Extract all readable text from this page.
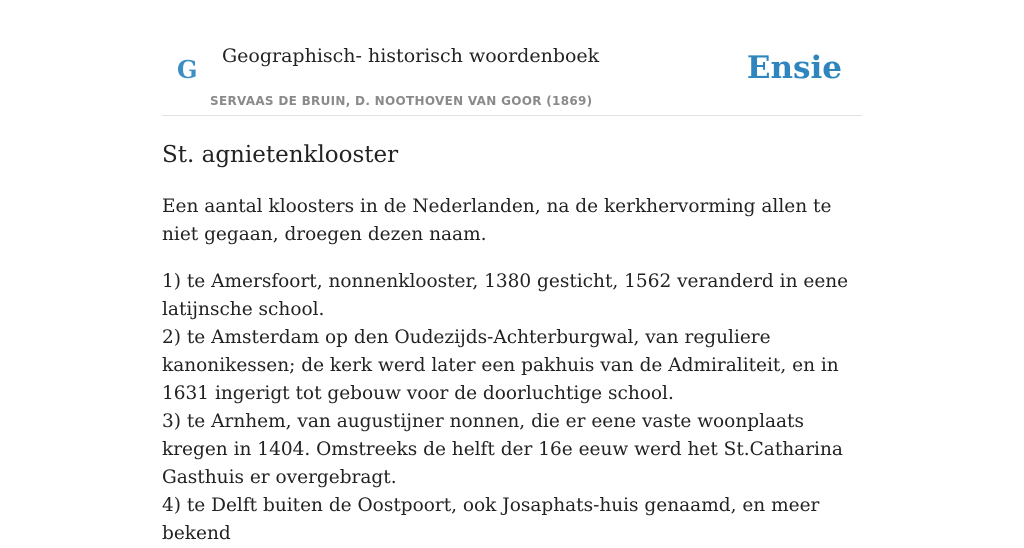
G Geographisch- historisch woordenboek
SERVAAS DE BRUIN, D. NOOTHOVEN VAN GOOR (1869)
Ensie
St. agnietenklooster

Een aantal kloosters in de Nederlanden, na de kerkhervorming allen te niet gegaan, droegen dezen naam.

1) te Amersfoort, nonnenklooster, 1380 gesticht, 1562 veranderd in eene latijnsche school.
2) te Amsterdam op den Oudezijds-Achterburgwal, van reguliere kanonikessen; de kerk werd later een pakhuis van de Admiraliteit, en in 1631 ingerigt tot gebouw voor de doorluchtige school.
3) te Arnhem, van augustijner nonnen, die er eene vaste woonplaats kregen in 1404. Omstreeks de helft der 16e eeuw werd het St.Catharina Gasthuis er overgebragt.
4) te Delft buiten de Oostpoort, ook Josaphats-huis genaamd, en meer bekend
